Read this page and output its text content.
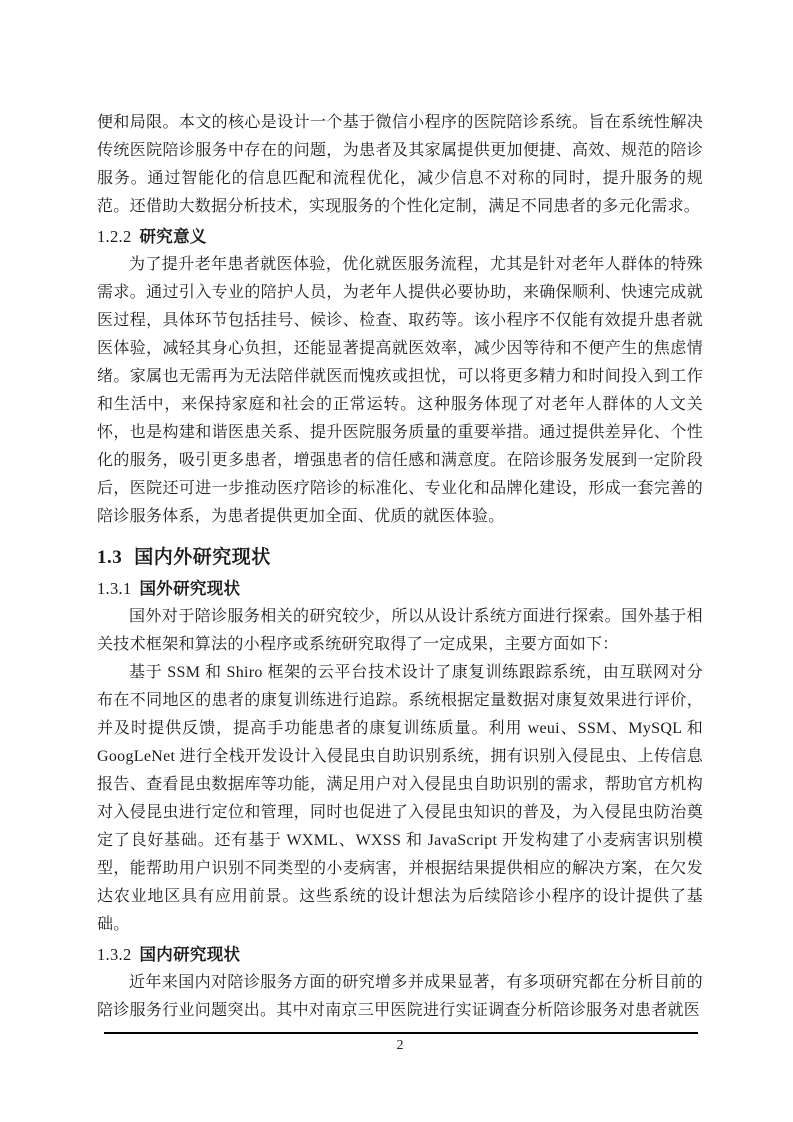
便和局限。本文的核心是设计一个基于微信小程序的医院陪诊系统。旨在系统性解决传统医院陪诊服务中存在的问题，为患者及其家属提供更加便捷、高效、规范的陪诊服务。通过智能化的信息匹配和流程优化，减少信息不对称的同时，提升服务的规范。还借助大数据分析技术，实现服务的个性化定制，满足不同患者的多元化需求。

1.2.2 研究意义

为了提升老年患者就医体验，优化就医服务流程，尤其是针对老年人群体的特殊需求。通过引入专业的陪护人员，为老年人提供必要协助，来确保顺利、快速完成就医过程，具体环节包括挂号、候诊、检查、取药等。该小程序不仅能有效提升患者就医体验，减轻其身心负担，还能显著提高就医效率，减少因等待和不便产生的焦虑情绪。家属也无需再为无法陪伴就医而愧疚或担忧，可以将更多精力和时间投入到工作和生活中，来保持家庭和社会的正常运转。这种服务体现了对老年人群体的人文关怀，也是构建和谐医患关系、提升医院服务质量的重要举措。通过提供差异化、个性化的服务，吸引更多患者，增强患者的信任感和满意度。在陪诊服务发展到一定阶段后，医院还可进一步推动医疗陪诊的标准化、专业化和品牌化建设，形成一套完善的陪诊服务体系，为患者提供更加全面、优质的就医体验。

1.3 国内外研究现状
1.3.1 国外研究现状

国外对于陪诊服务相关的研究较少，所以从设计系统方面进行探索。国外基于相关技术框架和算法的小程序或系统研究取得了一定成果，主要方面如下：

基于 SSM 和 Shiro 框架的云平台技术设计了康复训练跟踪系统，由互联网对分布在不同地区的患者的康复训练进行追踪。系统根据定量数据对康复效果进行评价，并及时提供反馈，提高手功能患者的康复训练质量。利用 weui、SSM、MySQL 和 GoogLeNet 进行全栈开发设计入侵昆虫自助识别系统，拥有识别入侵昆虫、上传信息报告、查看昆虫数据库等功能，满足用户对入侵昆虫自助识别的需求，帮助官方机构对入侵昆虫进行定位和管理，同时也促进了入侵昆虫知识的普及，为入侵昆虫防治奠定了良好基础。还有基于 WXML、WXSS 和 JavaScript 开发构建了小麦病害识别模型，能帮助用户识别不同类型的小麦病害，并根据结果提供相应的解决方案，在欠发达农业地区具有应用前景。这些系统的设计想法为后续陪诊小程序的设计提供了基础。

1.3.2 国内研究现状

近年来国内对陪诊服务方面的研究增多并成果显著，有多项研究都在分析目前的陪诊服务行业问题突出。其中对南京三甲医院进行实证调查分析陪诊服务对患者就医

2
